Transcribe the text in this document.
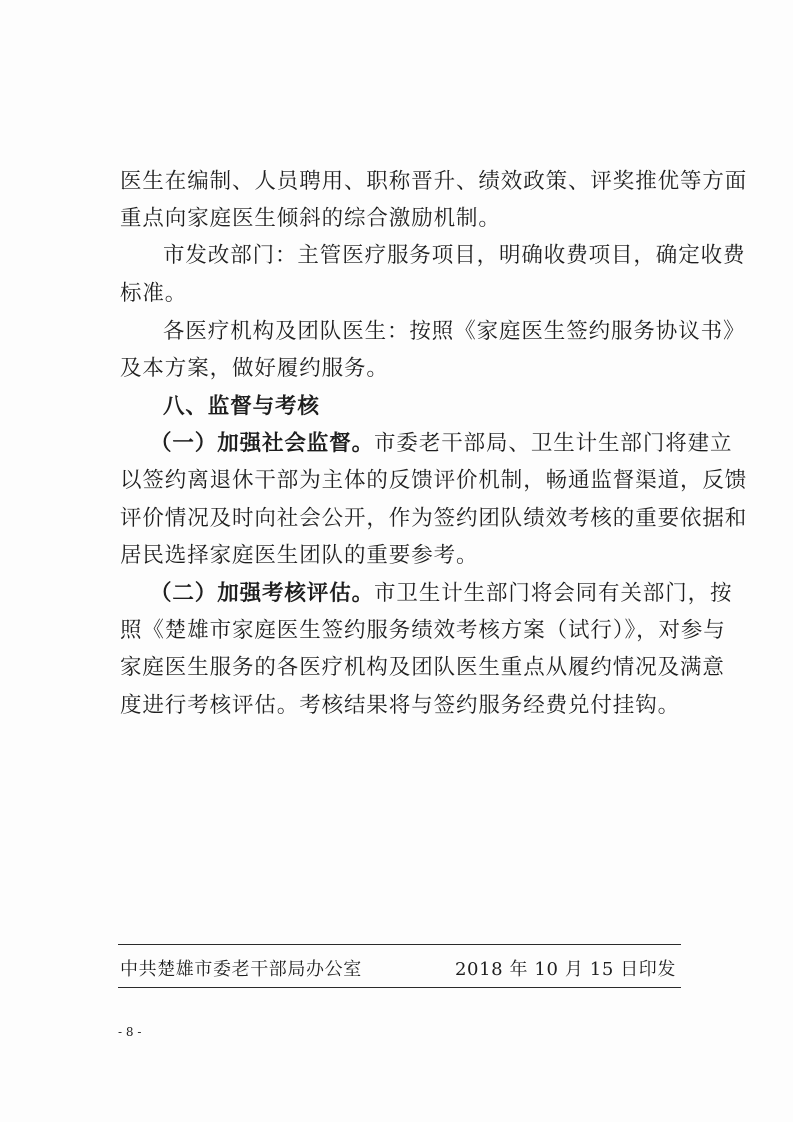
医生在编制、人员聘用、职称晋升、绩效政策、评奖推优等方面
重点向家庭医生倾斜的综合激励机制。
市发改部门：主管医疗服务项目，明确收费项目，确定收费
标准。
各医疗机构及团队医生：按照《家庭医生签约服务协议书》
及本方案，做好履约服务。
八、监督与考核
（一）加强社会监督。市委老干部局、卫生计生部门将建立
以签约离退休干部为主体的反馈评价机制，畅通监督渠道，反馈
评价情况及时向社会公开，作为签约团队绩效考核的重要依据和
居民选择家庭医生团队的重要参考。
（二）加强考核评估。市卫生计生部门将会同有关部门，按
照《楚雄市家庭医生签约服务绩效考核方案（试行）》，对参与
家庭医生服务的各医疗机构及团队医生重点从履约情况及满意
度进行考核评估。考核结果将与签约服务经费兑付挂钩。
中共楚雄市委老干部局办公室	2018 年 10 月 15 日印发
- 8 -
